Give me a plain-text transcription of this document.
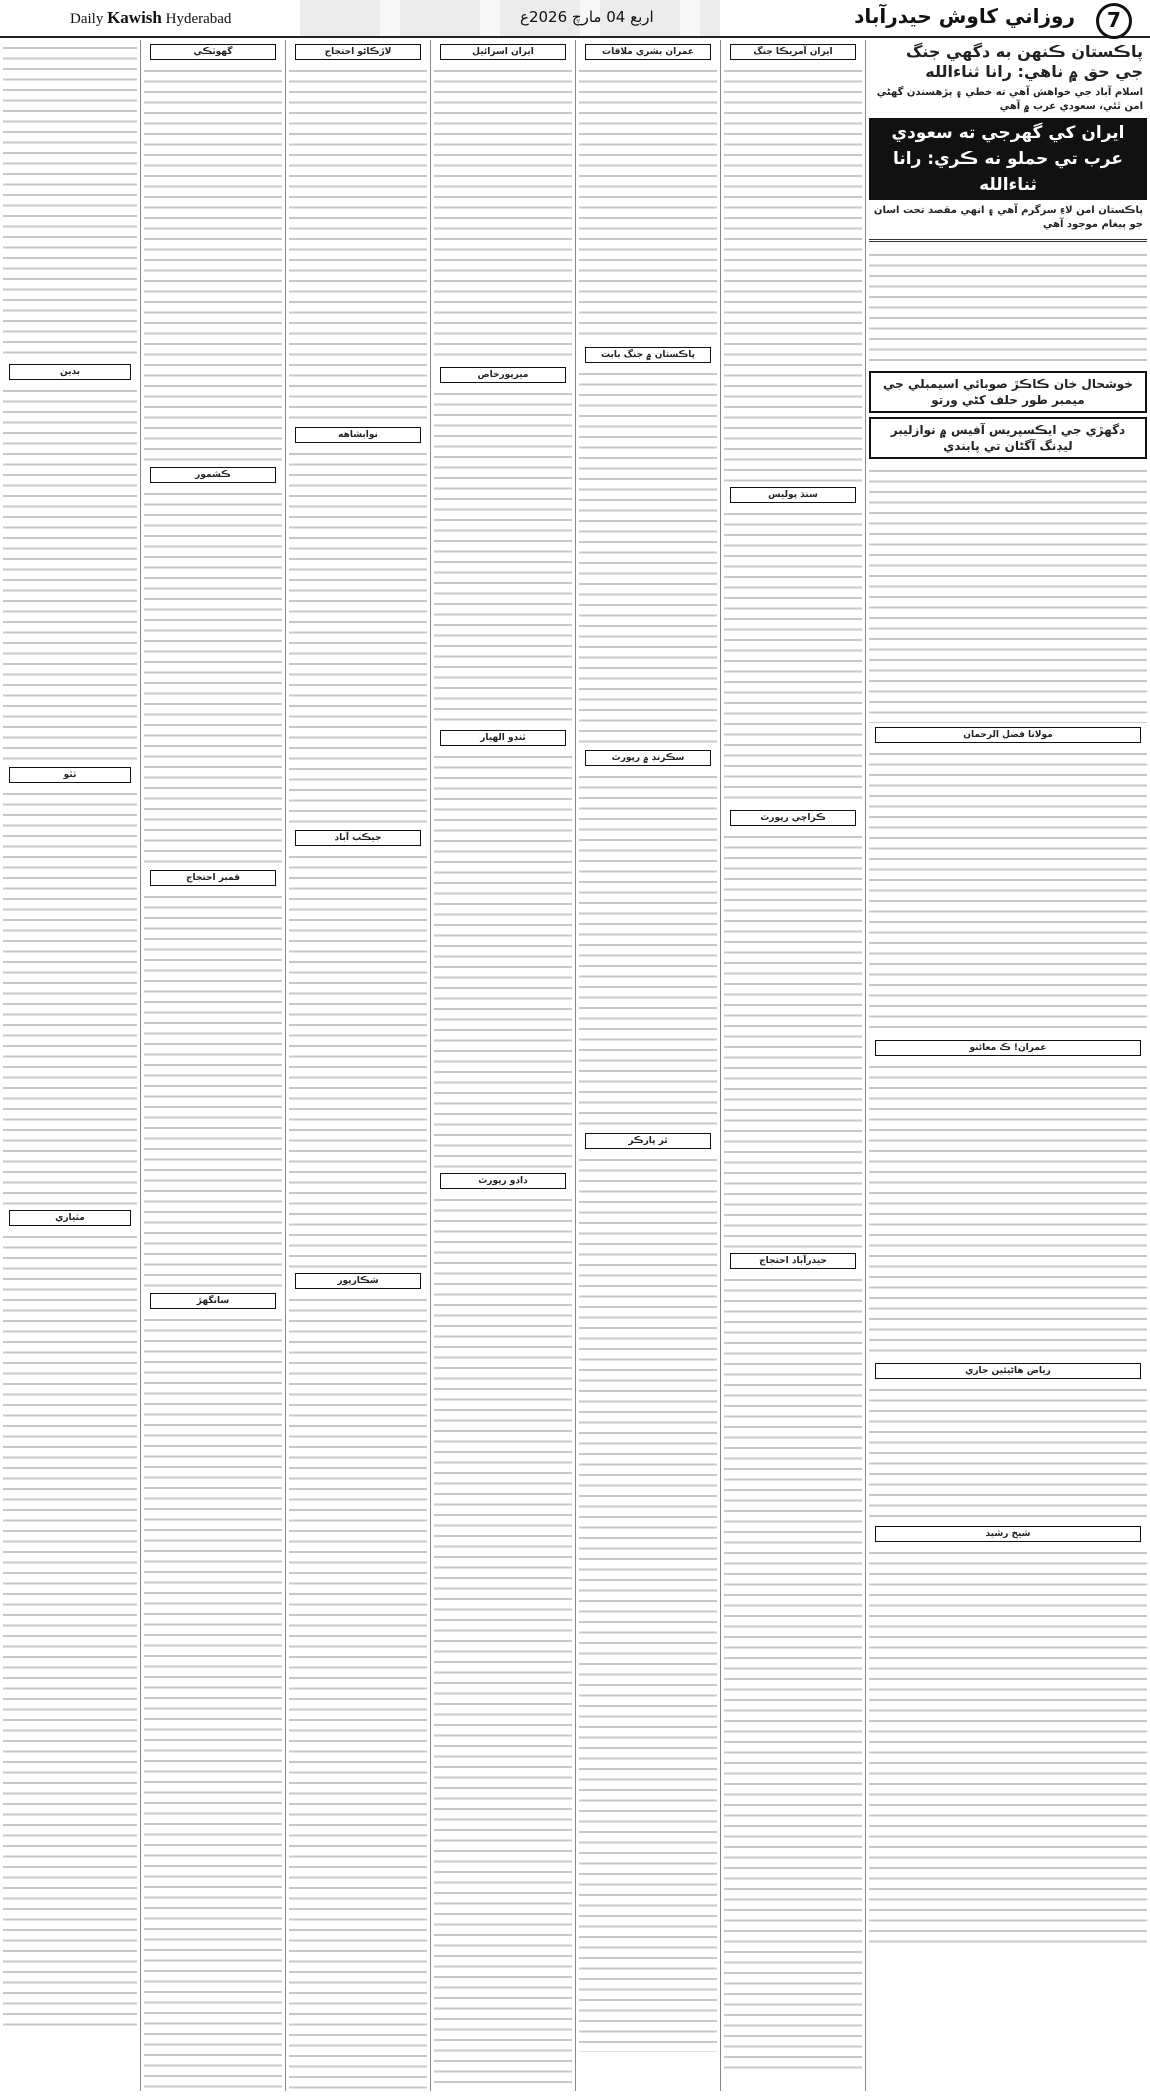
Daily Kawish Hyderabad	اربع 04 مارچ 2026ع	روزاني كاوش حيدرآباد	7
پاڪستان ڪنهن به دگهي جنگ جي حق ۾ ناهي: رانا ثناءالله
اسلام آباد جي خواهش آهي ته خطي ۽ پڙهسندن گهڻي امن ٿئي، سعودي عرب ۾ آهي
ايران کي گهرجي ته سعودي عرب تي حملو نه ڪري: رانا ثناءالله
پاڪستان امن لاءِ سرگرم آهي ۽ انهي مقصد تحت اسان جو پيغام موجود آهي
خوشحال خان ڪاڪڙ صوبائي اسيمبلي جي ميمبر طور حلف کڻي ورتو
دگهڙي جي ايڪسپريس آفيس ۾ نوازليبر ليڊنگ آگڻان تي پابندي
مولانا فضل الرحمان
عمران! ڪ معائنو
رياض هاڻيئين جاري
شيخ رشيد
ايران آمريڪا جنگ
سنڌ پوليس
ڪراچي رپورٽ
حيدرآباد احتجاج
عمران بشري ملاقات
پاڪستان ۾ جنگ بابت
سڪرنڊ ۾ رپورٽ
ٿر پارڪر
ايران اسرائيل
ميرپورخاص
ٽنڊو الهيار
دادو رپورٽ
لاڙڪاڻو احتجاج
نوابشاهه
جيڪب آباد
شڪارپور
گهوٽڪي
ڪشمور
قمبر احتجاج
سانگهڙ
بدين
ٺٽو
مٽياري
